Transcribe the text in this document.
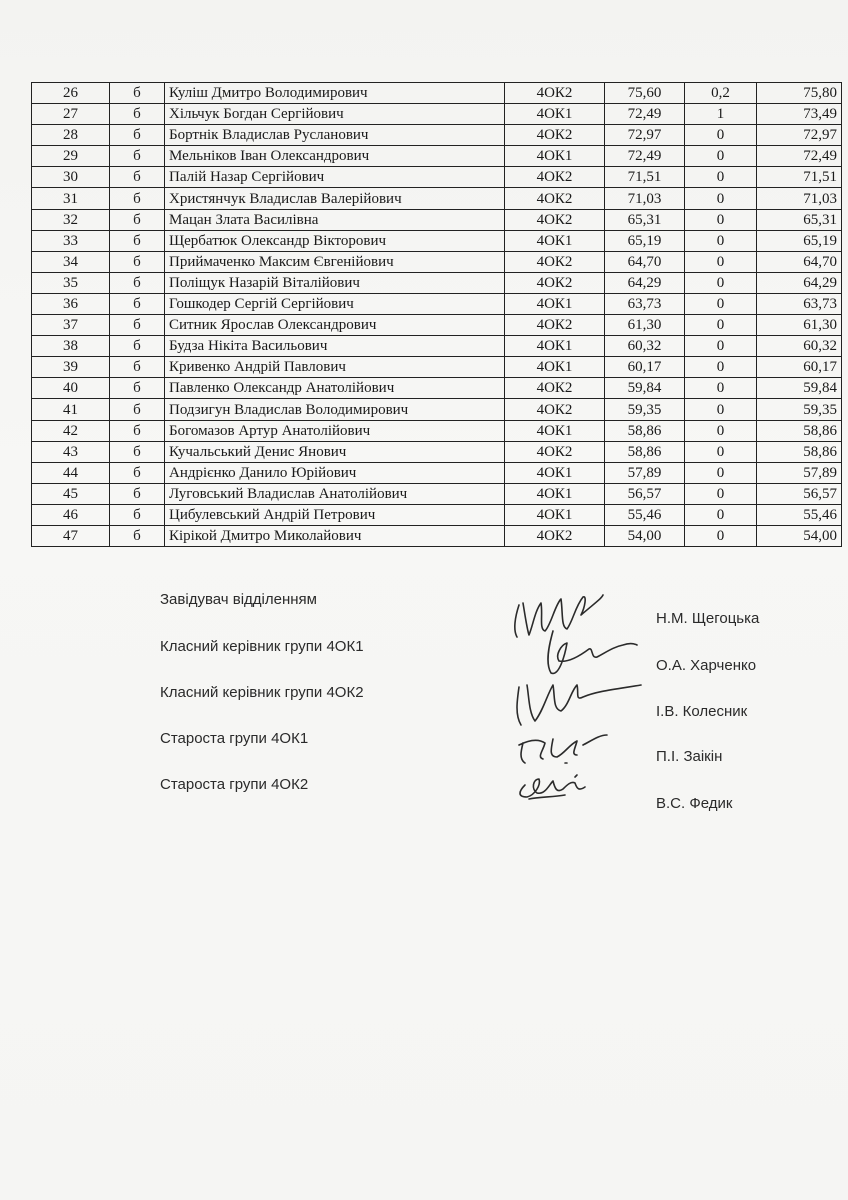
26	б	Куліш Дмитро Володимирович	4ОК2	75,60	0,2	75,80
27	б	Хільчук Богдан Сергійович	4ОК1	72,49	1	73,49
28	б	Бортнік Владислав Русланович	4ОК2	72,97	0	72,97
29	б	Мельніков Іван Олександрович	4ОК1	72,49	0	72,49
30	б	Палій Назар Сергійович	4ОК2	71,51	0	71,51
31	б	Христянчук Владислав Валерійович	4ОК2	71,03	0	71,03
32	б	Мацан Злата Василівна	4ОК2	65,31	0	65,31
33	б	Щербатюк Олександр Вікторович	4ОК1	65,19	0	65,19
34	б	Приймаченко Максим Євгенійович	4ОК2	64,70	0	64,70
35	б	Поліщук Назарій Віталійович	4ОК2	64,29	0	64,29
36	б	Гошкодер Сергій Сергійович	4ОК1	63,73	0	63,73
37	б	Ситник Ярослав Олександрович	4ОК2	61,30	0	61,30
38	б	Будза Нікіта Васильович	4ОК1	60,32	0	60,32
39	б	Кривенко Андрій Павлович	4ОК1	60,17	0	60,17
40	б	Павленко Олександр Анатолійович	4ОК2	59,84	0	59,84
41	б	Подзигун Владислав Володимирович	4ОК2	59,35	0	59,35
42	б	Богомазов Артур Анатолійович	4ОК1	58,86	0	58,86
43	б	Кучальський Денис Янович	4ОК2	58,86	0	58,86
44	б	Андрієнко Данило Юрійович	4ОК1	57,89	0	57,89
45	б	Луговський Владислав Анатолійович	4ОК1	56,57	0	56,57
46	б	Цибулевський Андрій Петрович	4ОК1	55,46	0	55,46
47	б	Кірікой Дмитро Миколайович	4ОК2	54,00	0	54,00
Завідувач відділенням
Класний керівник групи 4ОК1
Класний керівник групи 4ОК2
Староста групи 4ОК1
Староста групи 4ОК2
Н.М. Щегоцька
О.А. Харченко
І.В. Колесник
П.І. Заікін
В.С. Федик
